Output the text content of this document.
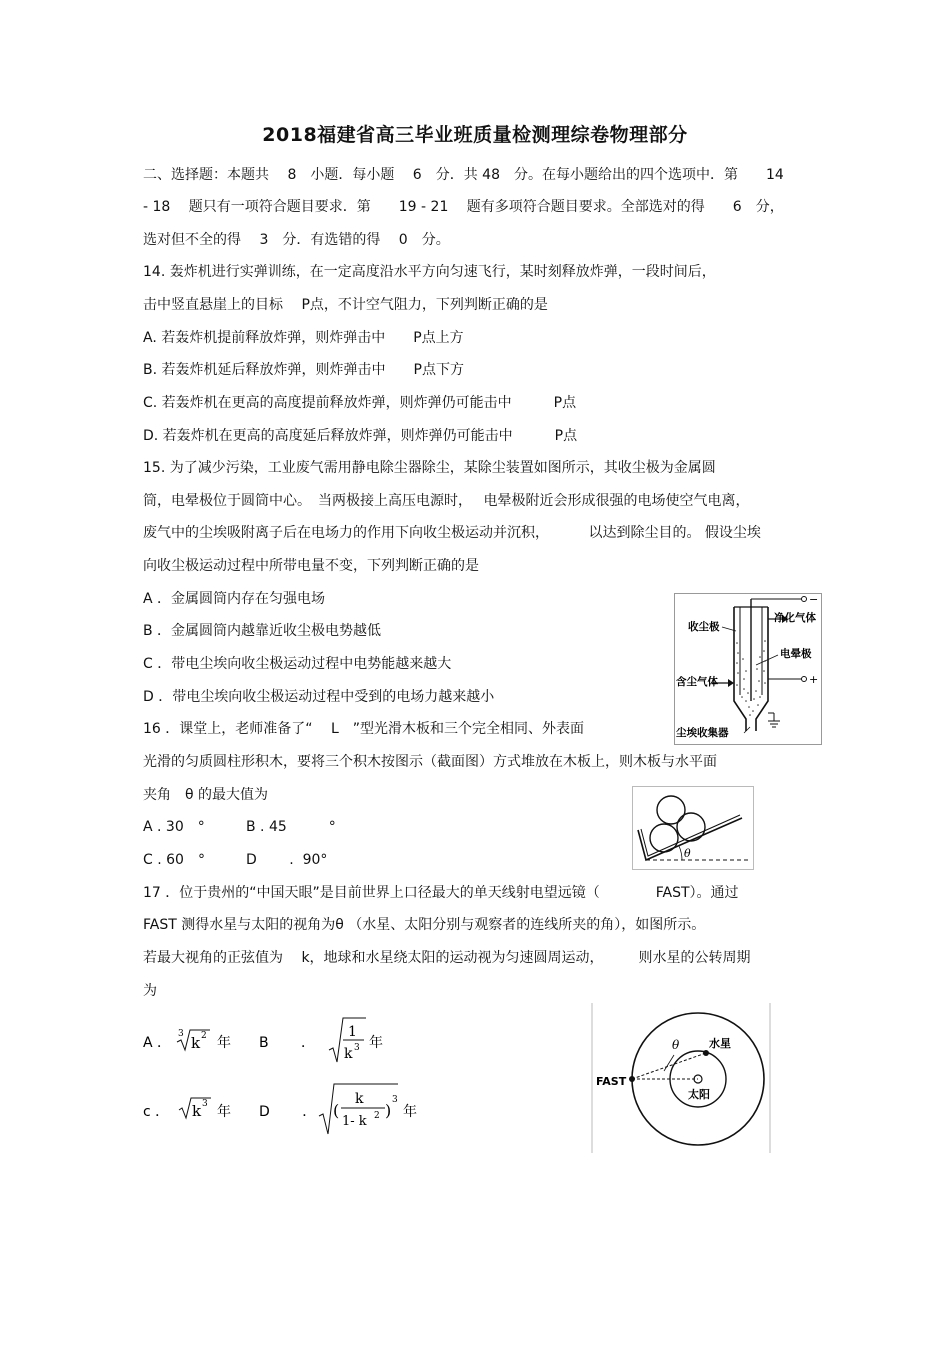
2018福建省高三毕业班质量检测理综卷物理部分
二、选择题：本题共　 8　小题．每小题　 6　分．共 48　分。在每小题给出的四个选项中．第　　14
- 18　 题只有一项符合题目要求．第　　19 - 21　 题有多项符合题目要求。全部选对的得　　6　分，
选对但不全的得　 3　分．有选错的得　 0　分。
14. 轰炸机进行实弹训练，在一定高度沿水平方向匀速飞行，某时刻释放炸弹，一段时间后，
击中竖直悬崖上的目标　 P点，不计空气阻力，下列判断正确的是
A. 若轰炸机提前释放炸弹，则炸弹击中　　P点上方
B. 若轰炸机延后释放炸弹，则炸弹击中　　P点下方
C. 若轰炸机在更高的高度提前释放炸弹，则炸弹仍可能击中　　　P点
D. 若轰炸机在更高的高度延后释放炸弹，则炸弹仍可能击中　　　P点
15. 为了减少污染，工业废气需用静电除尘器除尘，某除尘装置如图所示，其收尘极为金属圆
筒，电晕极位于圆筒中心。　当两极接上高压电源时，　 电晕极附近会形成很强的电场使空气电离，
废气中的尘埃吸附离子后在电场力的作用下向收尘极运动并沉积，　　　 以达到除尘目的。 假设尘埃
向收尘极运动过程中所带电量不变，下列判断正确的是
A ．金属圆筒内存在匀强电场
B ．金属圆筒内越靠近收尘极电势越低
C ．带电尘埃向收尘极运动过程中电势能越来越大
D ．带电尘埃向收尘极运动过程中受到的电场力越来越小
−
+
净化气体
含尘气体
收尘极
电晕极
尘埃收集器
16 ．课堂上，老师准备了“　 L　”型光滑木板和三个完全相同、外表面
光滑的匀质圆柱形积木，要将三个积木按图示（截面图）方式堆放在木板上，则木板与水平面
夹角　θ 的最大值为
A . 30　°	B . 45　　　°
C . 60　°	D　　 .  90°	θ
17 ．位于贵州的“中国天眼”是目前世界上口径最大的单天线射电望远镜（　　　　FAST）。通过
FAST 测得水星与太阳的视角为θ （水星、太阳分别与观察者的连线所夹的角），如图所示。
若最大视角的正弦值为　 k，地球和水星绕太阳的运动视为匀速圆周运动，　　　则水星的公转周期
为
A ．
3 k 2 年 B　　 ．
1
k 3 年
c ． k 3 年 D　　 ． (
k
1- k 2 )
3
年
θ
FAST
水星
太阳
